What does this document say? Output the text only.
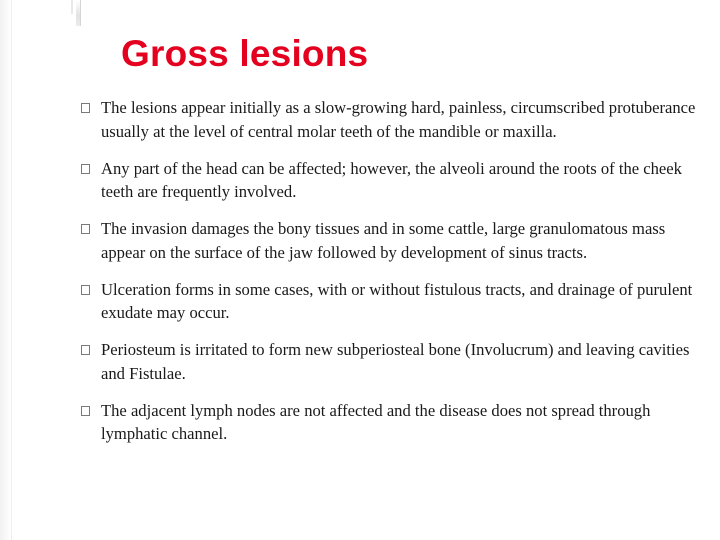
Gross lesions
The lesions appear initially as a slow-growing hard, painless, circumscribed protuberance usually at the level of central molar teeth of the mandible or maxilla.
Any part of the head can be affected; however, the alveoli around the roots of the cheek teeth are frequently involved.
The invasion damages the bony tissues and in some cattle, large granulomatous mass appear on the surface of the jaw followed by development of sinus tracts.
Ulceration forms in some cases, with or without fistulous tracts, and drainage of purulent exudate may occur.
Periosteum is irritated to form new subperiosteal bone (Involucrum) and leaving cavities and Fistulae.
The adjacent lymph nodes are not affected and the disease does not spread through lymphatic channel.
